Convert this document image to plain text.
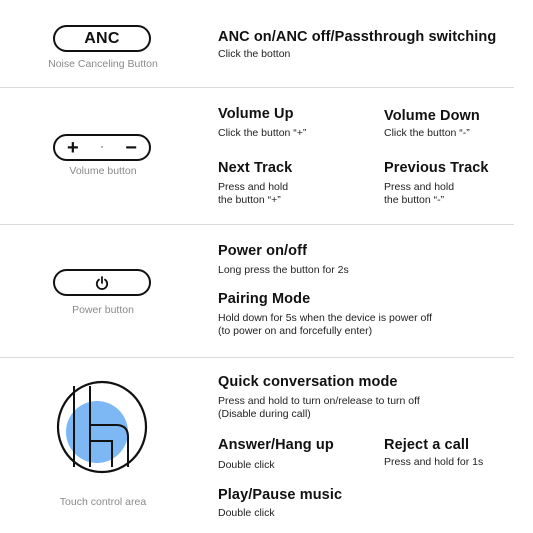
ANC
Noise Canceling Button
ANC on/ANC off/Passthrough switching
Click the botton
+ · −
Volume button
Volume Up
Click the button “+”
Volume Down
Click the button “-”
Next Track
Press and hold
the button “+”
Previous Track
Press and hold
the button “-”
Power button
Power on/off
Long press the button for 2s
Pairing Mode
Hold down for 5s when the device is power off
(to power on and forcefully enter)
Touch control area
Quick conversation mode
Press and hold to turn on/release to turn off
(Disable during call)
Answer/Hang up
Double click
Reject a call
Press and hold for 1s
Play/Pause music
Double click
